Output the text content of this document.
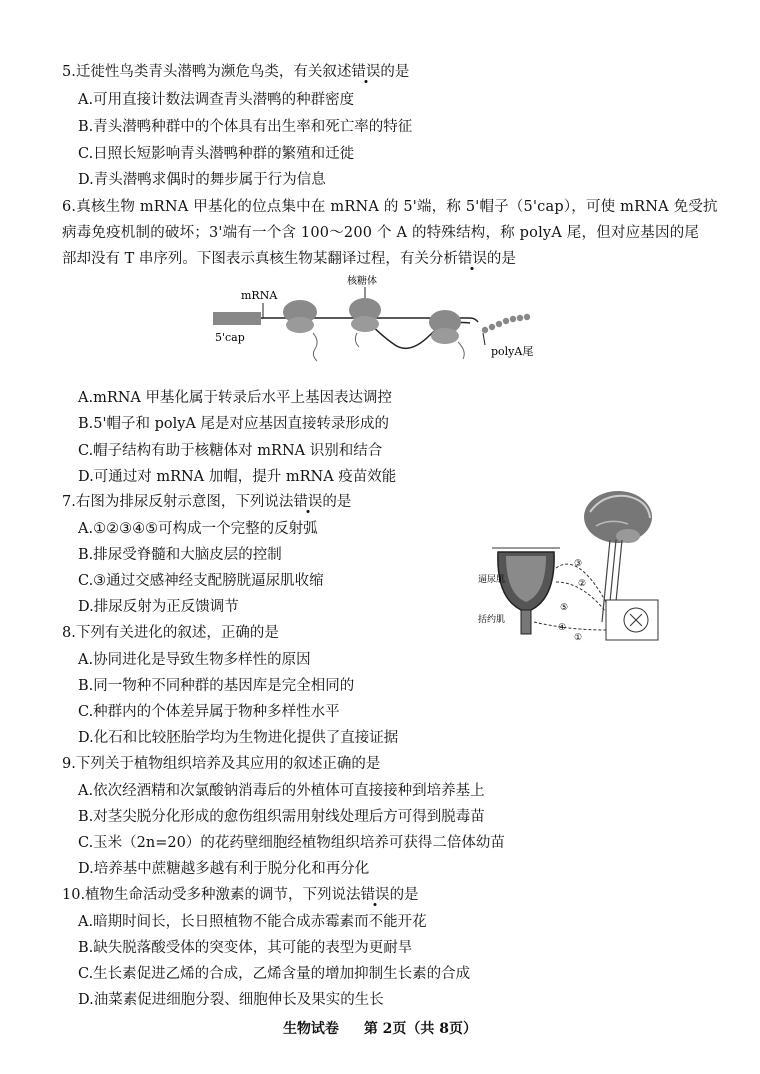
5.迁徙性鸟类青头潜鸭为濒危鸟类，有关叙述错误的是
A.可用直接计数法调查青头潜鸭的种群密度
B.青头潜鸭种群中的个体具有出生率和死亡率的特征
C.日照长短影响青头潜鸭种群的繁殖和迁徙
D.青头潜鸭求偶时的舞步属于行为信息
6.真核生物 mRNA 甲基化的位点集中在 mRNA 的 5'端，称 5'帽子（5'cap），可使 mRNA 免受抗
病毒免疫机制的破坏；3'端有一个含 100～200 个 A 的特殊结构，称 polyA 尾，但对应基因的尾
部却没有 T 串序列。下图表示真核生物某翻译过程，有关分析错误的是
mRNA
5'cap
核糖体
polyA尾
A.mRNA 甲基化属于转录后水平上基因表达调控
B.5'帽子和 polyA 尾是对应基因直接转录形成的
C.帽子结构有助于核糖体对 mRNA 识别和结合
D.可通过对 mRNA 加帽，提升 mRNA 疫苗效能
7.右图为排尿反射示意图，下列说法错误的是
A.①②③④⑤可构成一个完整的反射弧
B.排尿受脊髓和大脑皮层的控制
C.③通过交感神经支配膀胱逼尿肌收缩
D.排尿反射为正反馈调节
③
②
⑤
④
①
逼尿肌
括约肌
8.下列有关进化的叙述，正确的是
A.协同进化是导致生物多样性的原因
B.同一物种不同种群的基因库是完全相同的
C.种群内的个体差异属于物种多样性水平
D.化石和比较胚胎学均为生物进化提供了直接证据
9.下列关于植物组织培养及其应用的叙述正确的是
A.依次经酒精和次氯酸钠消毒后的外植体可直接接种到培养基上
B.对茎尖脱分化形成的愈伤组织需用射线处理后方可得到脱毒苗
C.玉米（2n=20）的花药壁细胞经植物组织培养可获得二倍体幼苗
D.培养基中蔗糖越多越有利于脱分化和再分化
10.植物生命活动受多种激素的调节，下列说法错误的是
A.暗期时间长，长日照植物不能合成赤霉素而不能开花
B.缺失脱落酸受体的突变体，其可能的表型为更耐旱
C.生长素促进乙烯的合成，乙烯含量的增加抑制生长素的合成
D.油菜素促进细胞分裂、细胞伸长及果实的生长
生物试卷 第 2页（共 8页）
